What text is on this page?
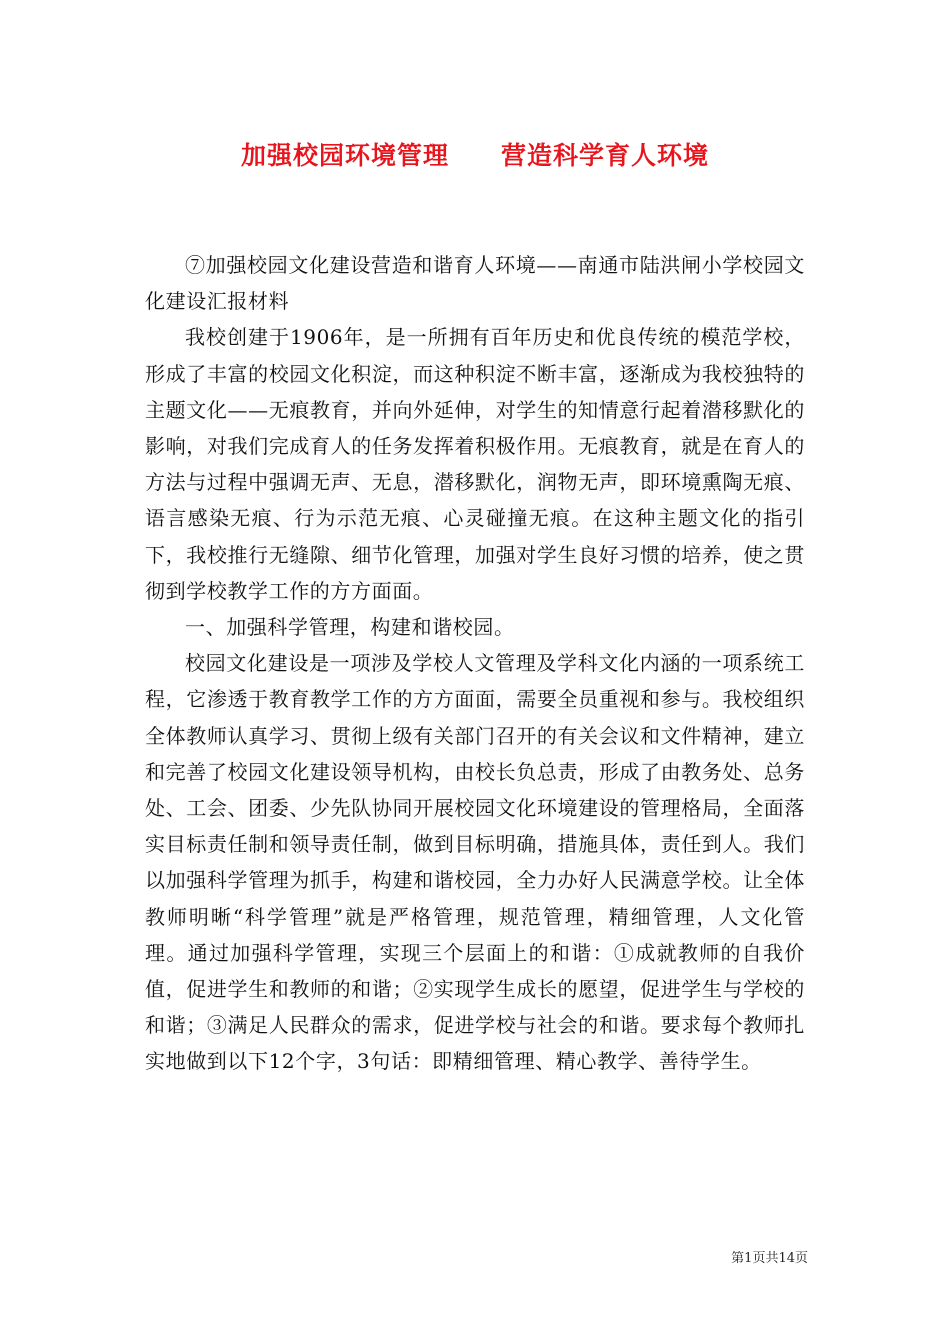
加强校园环境管理 营造科学育人环境

⑦加强校园文化建设营造和谐育人环境——南通市陆洪闸小学校园文化建设汇报材料

我校创建于1906年，是一所拥有百年历史和优良传统的模范学校，形成了丰富的校园文化积淀，而这种积淀不断丰富，逐渐成为我校独特的主题文化——无痕教育，并向外延伸，对学生的知情意行起着潜移默化的影响，对我们完成育人的任务发挥着积极作用。无痕教育，就是在育人的方法与过程中强调无声、无息，潜移默化，润物无声，即环境熏陶无痕、语言感染无痕、行为示范无痕、心灵碰撞无痕。在这种主题文化的指引下，我校推行无缝隙、细节化管理，加强对学生良好习惯的培养，使之贯彻到学校教学工作的方方面面。

一、加强科学管理，构建和谐校园。

校园文化建设是一项涉及学校人文管理及学科文化内涵的一项系统工程，它渗透于教育教学工作的方方面面，需要全员重视和参与。我校组织全体教师认真学习、贯彻上级有关部门召开的有关会议和文件精神，建立和完善了校园文化建设领导机构，由校长负总责，形成了由教务处、总务处、工会、团委、少先队协同开展校园文化环境建设的管理格局，全面落实目标责任制和领导责任制，做到目标明确，措施具体，责任到人。我们以加强科学管理为抓手，构建和谐校园，全力办好人民满意学校。让全体教师明晰“科学管理”就是严格管理，规范管理，精细管理，人文化管理。通过加强科学管理，实现三个层面上的和谐：①成就教师的自我价值，促进学生和教师的和谐；②实现学生成长的愿望，促进学生与学校的和谐；③满足人民群众的需求，促进学校与社会的和谐。要求每个教师扎实地做到以下12个字，3句话：即精细管理、精心教学、善待学生。

第1页共14页
